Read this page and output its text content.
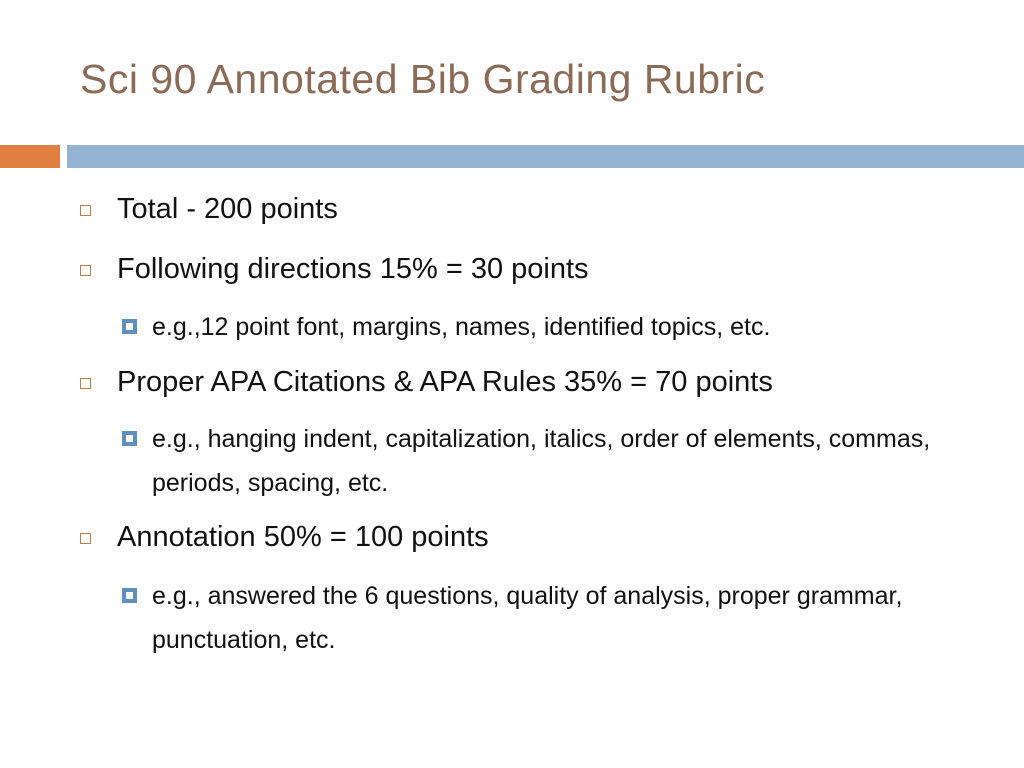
Sci 90 Annotated Bib Grading Rubric
Total - 200 points
Following directions 15% = 30 points
e.g.,12 point font, margins, names, identified topics, etc.
Proper APA Citations & APA Rules 35% = 70 points
e.g., hanging indent, capitalization, italics, order of elements, commas, periods, spacing, etc.
Annotation 50% = 100 points
e.g., answered the 6 questions, quality of analysis, proper grammar, punctuation, etc.
